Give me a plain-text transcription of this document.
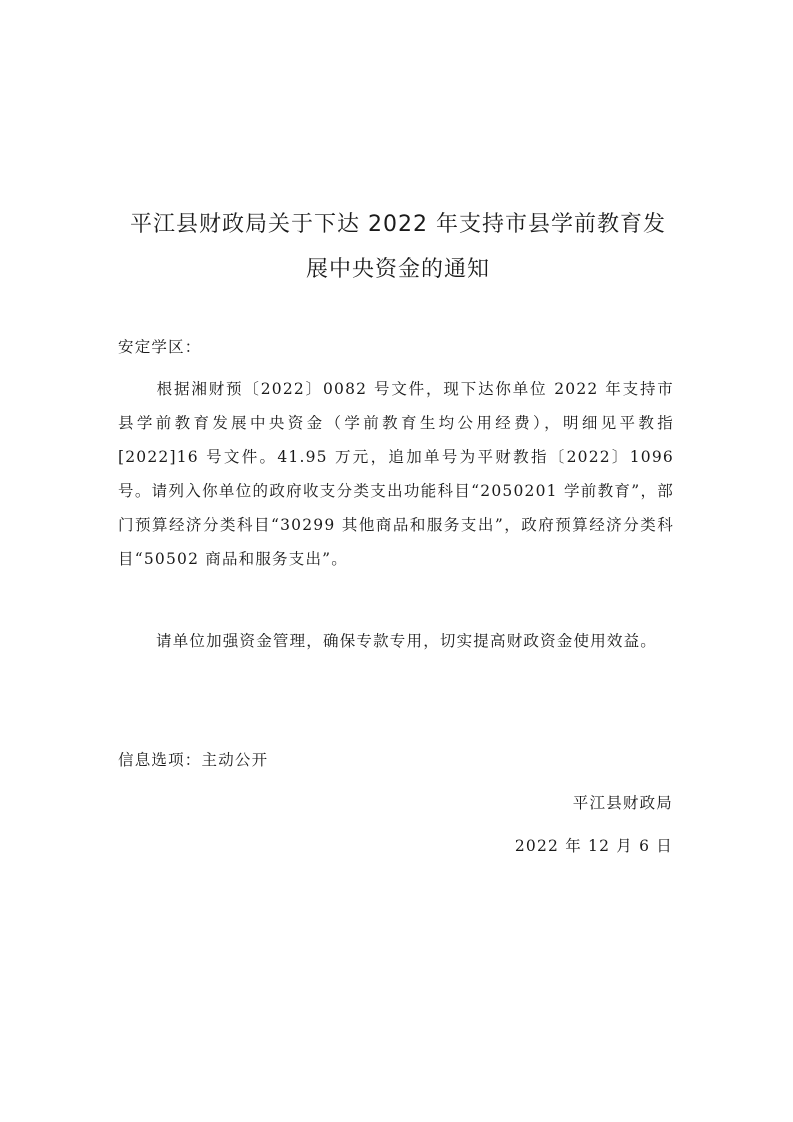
平江县财政局关于下达 2022 年支持市县学前教育发
展中央资金的通知

安定学区：

根据湘财预〔2022〕0082 号文件，现下达你单位 2022 年支持市县学前教育发展中央资金（学前教育生均公用经费），明细见平教指[2022]16 号文件。41.95 万元，追加单号为平财教指〔2022〕1096 号。请列入你单位的政府收支分类支出功能科目“2050201 学前教育”，部门预算经济分类科目“30299 其他商品和服务支出”，政府预算经济分类科目“50502 商品和服务支出”。

请单位加强资金管理，确保专款专用，切实提高财政资金使用效益。

信息选项：主动公开

平江县财政局

2022 年 12 月 6 日
